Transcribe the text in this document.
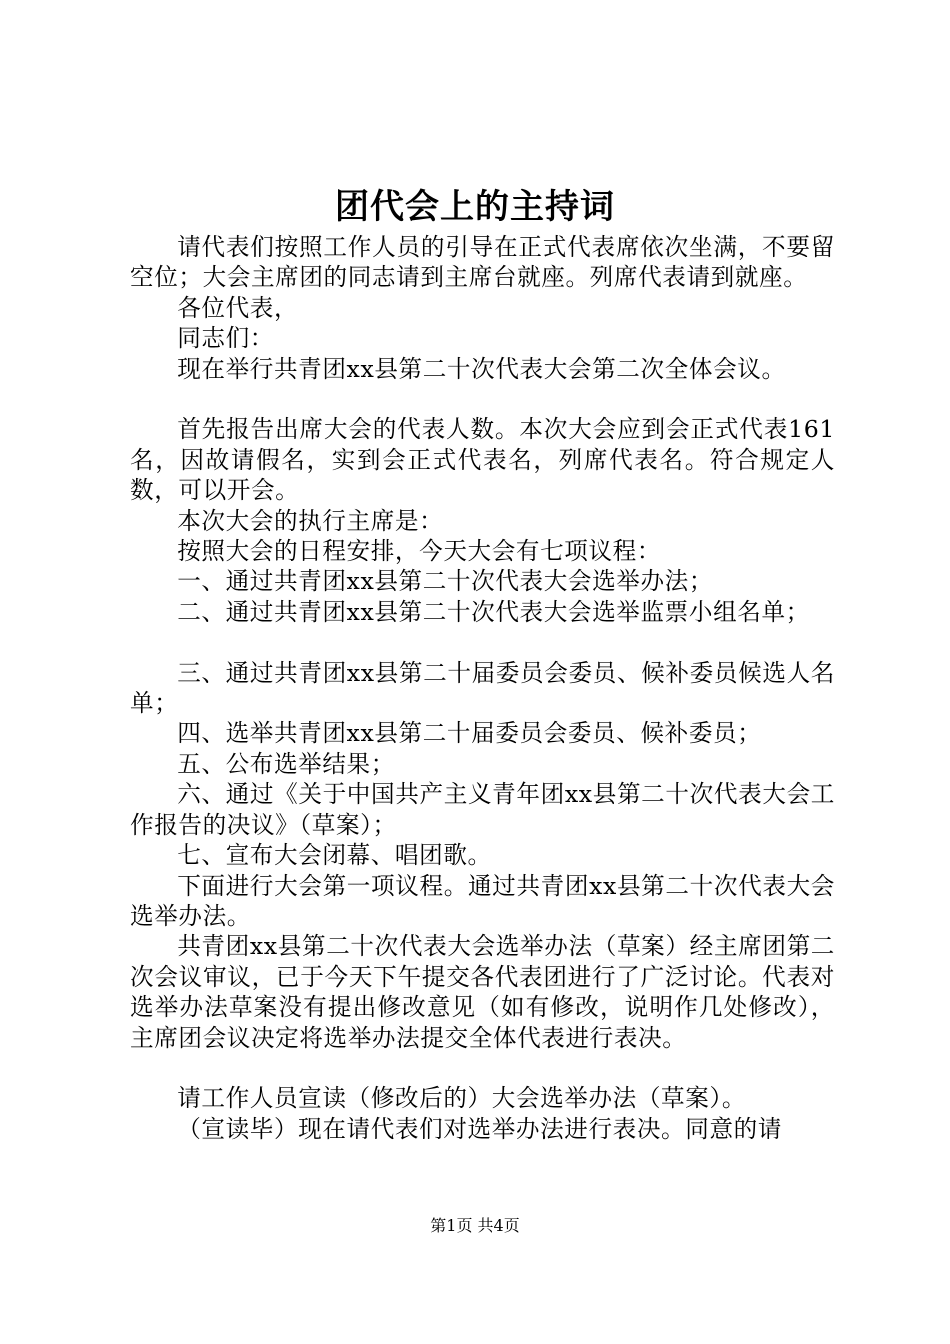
团代会上的主持词

请代表们按照工作人员的引导在正式代表席依次坐满，不要留空位；大会主席团的同志请到主席台就座。列席代表请到就座。

各位代表，

同志们：

现在举行共青团xx县第二十次代表大会第二次全体会议。

首先报告出席大会的代表人数。本次大会应到会正式代表161名，因故请假名，实到会正式代表名，列席代表名。符合规定人数，可以开会。

本次大会的执行主席是：

按照大会的日程安排，今天大会有七项议程：

一、通过共青团xx县第二十次代表大会选举办法；

二、通过共青团xx县第二十次代表大会选举监票小组名单；

三、通过共青团xx县第二十届委员会委员、候补委员候选人名单；

四、选举共青团xx县第二十届委员会委员、候补委员；

五、公布选举结果；

六、通过《关于中国共产主义青年团xx县第二十次代表大会工作报告的决议》（草案）；

七、宣布大会闭幕、唱团歌。

下面进行大会第一项议程。通过共青团xx县第二十次代表大会选举办法。

共青团xx县第二十次代表大会选举办法（草案）经主席团第二次会议审议，已于今天下午提交各代表团进行了广泛讨论。代表对选举办法草案没有提出修改意见（如有修改，说明作几处修改），主席团会议决定将选举办法提交全体代表进行表决。

请工作人员宣读（修改后的）大会选举办法（草案）。

（宣读毕）现在请代表们对选举办法进行表决。同意的请

第1页 共4页
